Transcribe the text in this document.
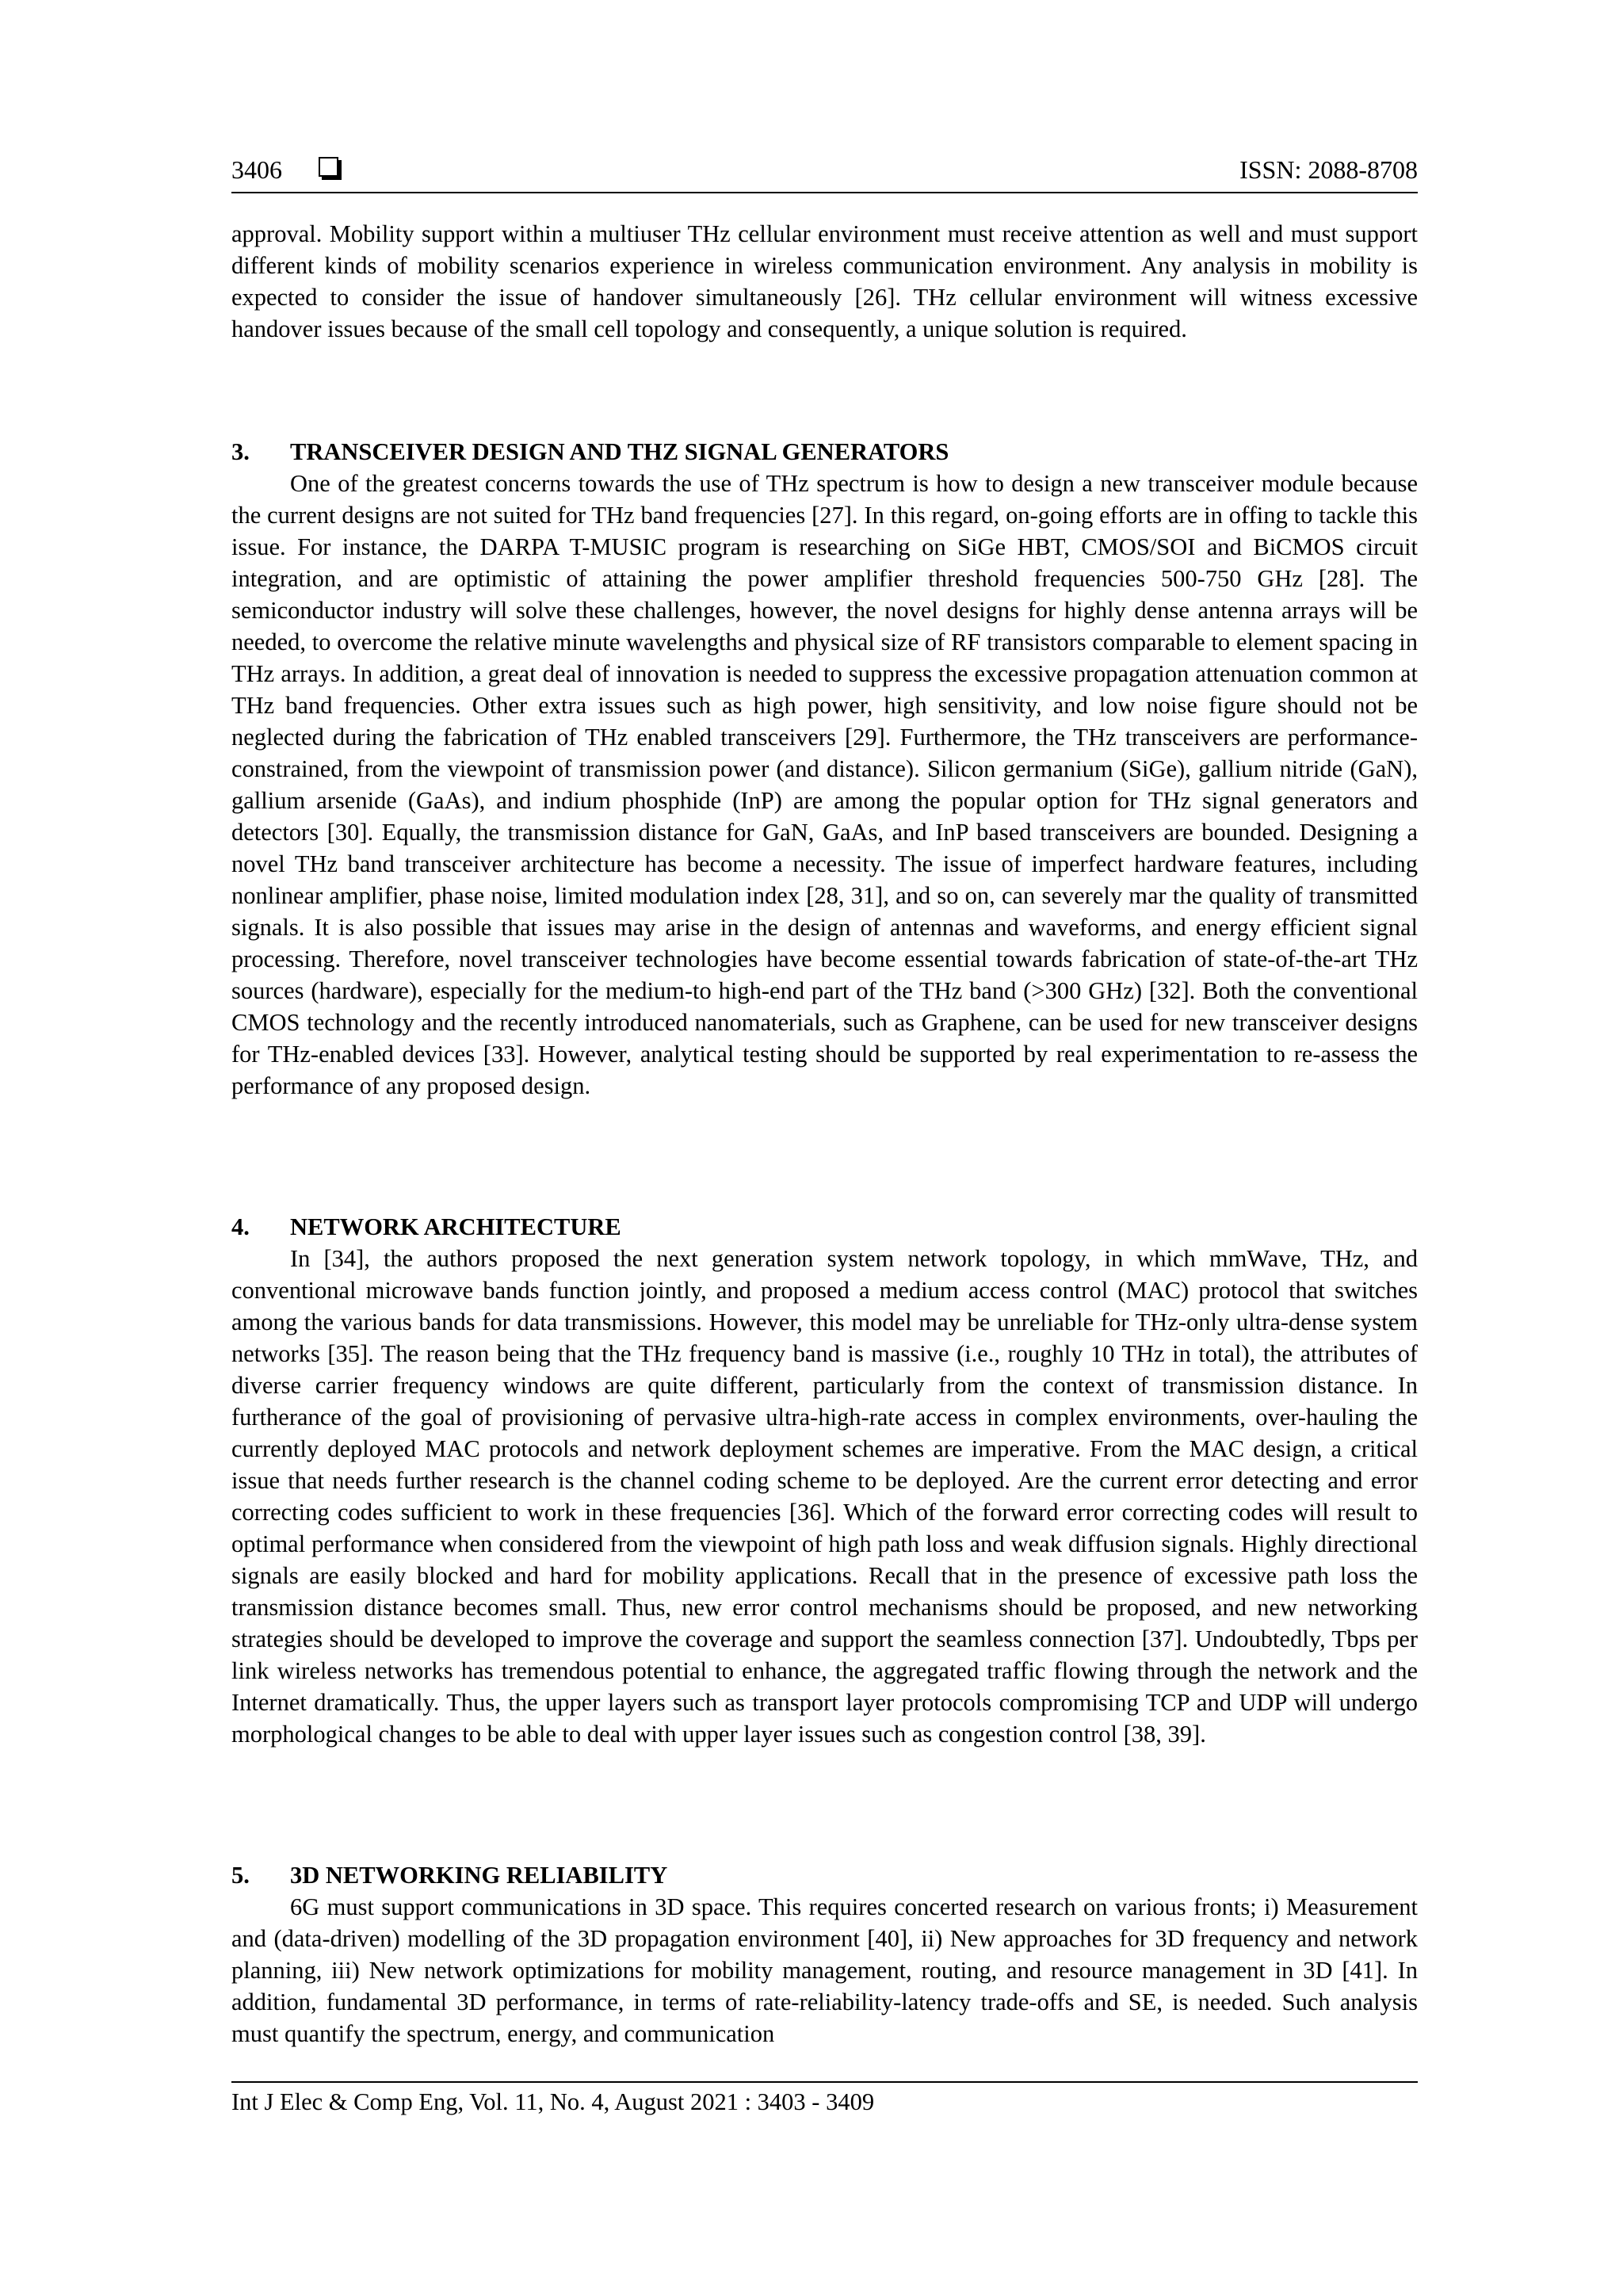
3406	ISSN: 2088-8708

approval. Mobility support within a multiuser THz cellular environment must receive attention as well and must support different kinds of mobility scenarios experience in wireless communication environment. Any analysis in mobility is expected to consider the issue of handover simultaneously [26]. THz cellular environment will witness excessive handover issues because of the small cell topology and consequently, a unique solution is required.

3. TRANSCEIVER DESIGN AND THZ SIGNAL GENERATORS

One of the greatest concerns towards the use of THz spectrum is how to design a new transceiver module because the current designs are not suited for THz band frequencies [27]. In this regard, on-going efforts are in offing to tackle this issue. For instance, the DARPA T-MUSIC program is researching on SiGe HBT, CMOS/SOI and BiCMOS circuit integration, and are optimistic of attaining the power amplifier threshold frequencies 500-750 GHz [28]. The semiconductor industry will solve these challenges, however, the novel designs for highly dense antenna arrays will be needed, to overcome the relative minute wavelengths and physical size of RF transistors comparable to element spacing in THz arrays. In addition, a great deal of innovation is needed to suppress the excessive propagation attenuation common at THz band frequencies. Other extra issues such as high power, high sensitivity, and low noise figure should not be neglected during the fabrication of THz enabled transceivers [29]. Furthermore, the THz transceivers are performance-constrained, from the viewpoint of transmission power (and distance). Silicon germanium (SiGe), gallium nitride (GaN), gallium arsenide (GaAs), and indium phosphide (InP) are among the popular option for THz signal generators and detectors [30]. Equally, the transmission distance for GaN, GaAs, and InP based transceivers are bounded. Designing a novel THz band transceiver architecture has become a necessity. The issue of imperfect hardware features, including nonlinear amplifier, phase noise, limited modulation index [28, 31], and so on, can severely mar the quality of transmitted signals. It is also possible that issues may arise in the design of antennas and waveforms, and energy efficient signal processing. Therefore, novel transceiver technologies have become essential towards fabrication of state-of-the-art THz sources (hardware), especially for the medium-to high-end part of the THz band (>300 GHz) [32]. Both the conventional CMOS technology and the recently introduced nanomaterials, such as Graphene, can be used for new transceiver designs for THz-enabled devices [33]. However, analytical testing should be supported by real experimentation to re-assess the performance of any proposed design.

4. NETWORK ARCHITECTURE

In [34], the authors proposed the next generation system network topology, in which mmWave, THz, and conventional microwave bands function jointly, and proposed a medium access control (MAC) protocol that switches among the various bands for data transmissions. However, this model may be unreliable for THz-only ultra-dense system networks [35]. The reason being that the THz frequency band is massive (i.e., roughly 10 THz in total), the attributes of diverse carrier frequency windows are quite different, particularly from the context of transmission distance. In furtherance of the goal of provisioning of pervasive ultra-high-rate access in complex environments, over-hauling the currently deployed MAC protocols and network deployment schemes are imperative. From the MAC design, a critical issue that needs further research is the channel coding scheme to be deployed. Are the current error detecting and error correcting codes sufficient to work in these frequencies [36]. Which of the forward error correcting codes will result to optimal performance when considered from the viewpoint of high path loss and weak diffusion signals. Highly directional signals are easily blocked and hard for mobility applications. Recall that in the presence of excessive path loss the transmission distance becomes small. Thus, new error control mechanisms should be proposed, and new networking strategies should be developed to improve the coverage and support the seamless connection [37]. Undoubtedly, Tbps per link wireless networks has tremendous potential to enhance, the aggregated traffic flowing through the network and the Internet dramatically. Thus, the upper layers such as transport layer protocols compromising TCP and UDP will undergo morphological changes to be able to deal with upper layer issues such as congestion control [38, 39].

5. 3D NETWORKING RELIABILITY

6G must support communications in 3D space. This requires concerted research on various fronts; i) Measurement and (data-driven) modelling of the 3D propagation environment [40], ii) New approaches for 3D frequency and network planning, iii) New network optimizations for mobility management, routing, and resource management in 3D [41]. In addition, fundamental 3D performance, in terms of rate-reliability-latency trade-offs and SE, is needed. Such analysis must quantify the spectrum, energy, and communication

Int J Elec & Comp Eng, Vol. 11, No. 4, August 2021 : 3403 - 3409
